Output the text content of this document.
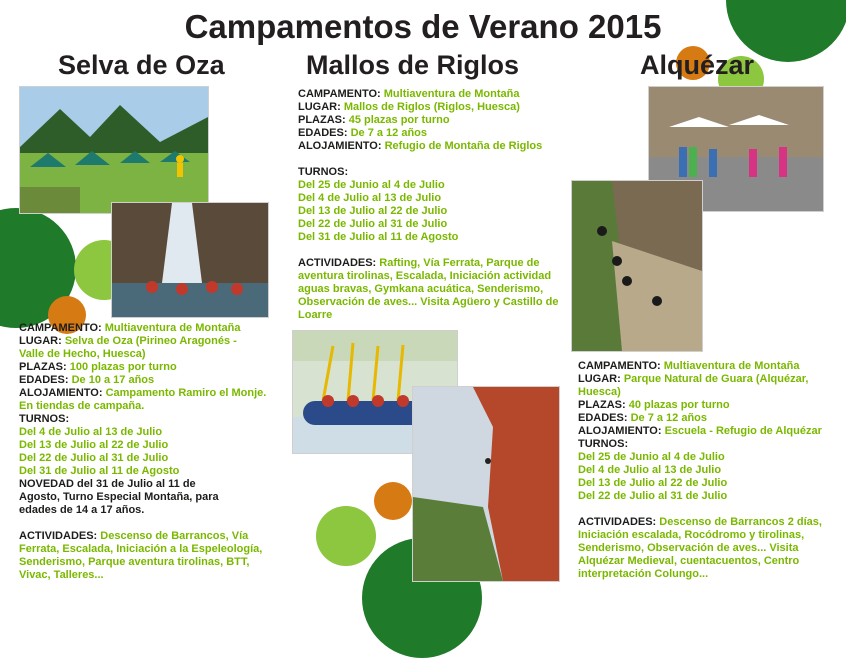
Campamentos de Verano 2015
Selva de Oza	Mallos de Riglos	Alquézar
CAMPAMENTO: Multiaventura de Montaña
LUGAR: Selva de Oza (Pirineo Aragonés - Valle de Hecho, Huesca)
PLAZAS: 100 plazas por turno
EDADES: De 10 a 17 años
ALOJAMIENTO: Campamento Ramiro el Monje. En tiendas de campaña.
TURNOS:
Del 4 de Julio al 13 de Julio
Del 13 de Julio al 22 de Julio
Del 22 de Julio al 31 de Julio
Del 31 de Julio al 11 de Agosto
NOVEDAD del 31 de Julio al 11 de Agosto, Turno Especial Montaña, para edades de 14 a 17 años.
ACTIVIDADES: Descenso de Barrancos, Vía Ferrata, Escalada, Iniciación a la Espeleología, Senderismo, Parque aventura tirolinas, BTT, Vivac, Talleres...
CAMPAMENTO: Multiaventura de Montaña
LUGAR: Mallos de Riglos (Riglos, Huesca)
PLAZAS: 45 plazas por turno
EDADES: De 7 a 12 años
ALOJAMIENTO: Refugio de Montaña de Riglos
TURNOS:
Del 25 de Junio al 4 de Julio
Del 4 de Julio al 13 de Julio
Del 13 de Julio al 22 de Julio
Del 22 de Julio al 31 de Julio
Del 31 de Julio al 11 de Agosto
ACTIVIDADES: Rafting, Vía Ferrata, Parque de aventura tirolinas, Escalada, Iniciación actividad aguas bravas, Gymkana acuática, Senderismo, Observación de aves... Visita Agüero y Castillo de Loarre
CAMPAMENTO: Multiaventura de Montaña
LUGAR: Parque Natural de Guara (Alquézar, Huesca)
PLAZAS: 40 plazas por turno
EDADES: De 7 a 12 años
ALOJAMIENTO: Escuela - Refugio de Alquézar
TURNOS:
Del 25 de Junio al 4 de Julio
Del 4 de Julio al 13 de Julio
Del 13 de Julio al 22 de Julio
Del 22 de Julio al 31 de Julio
ACTIVIDADES: Descenso de Barrancos 2 días, Iniciación escalada, Rocódromo y tirolinas, Senderismo, Observación de aves... Visita Alquézar Medieval, cuentacuentos, Centro interpretación Colungo...
